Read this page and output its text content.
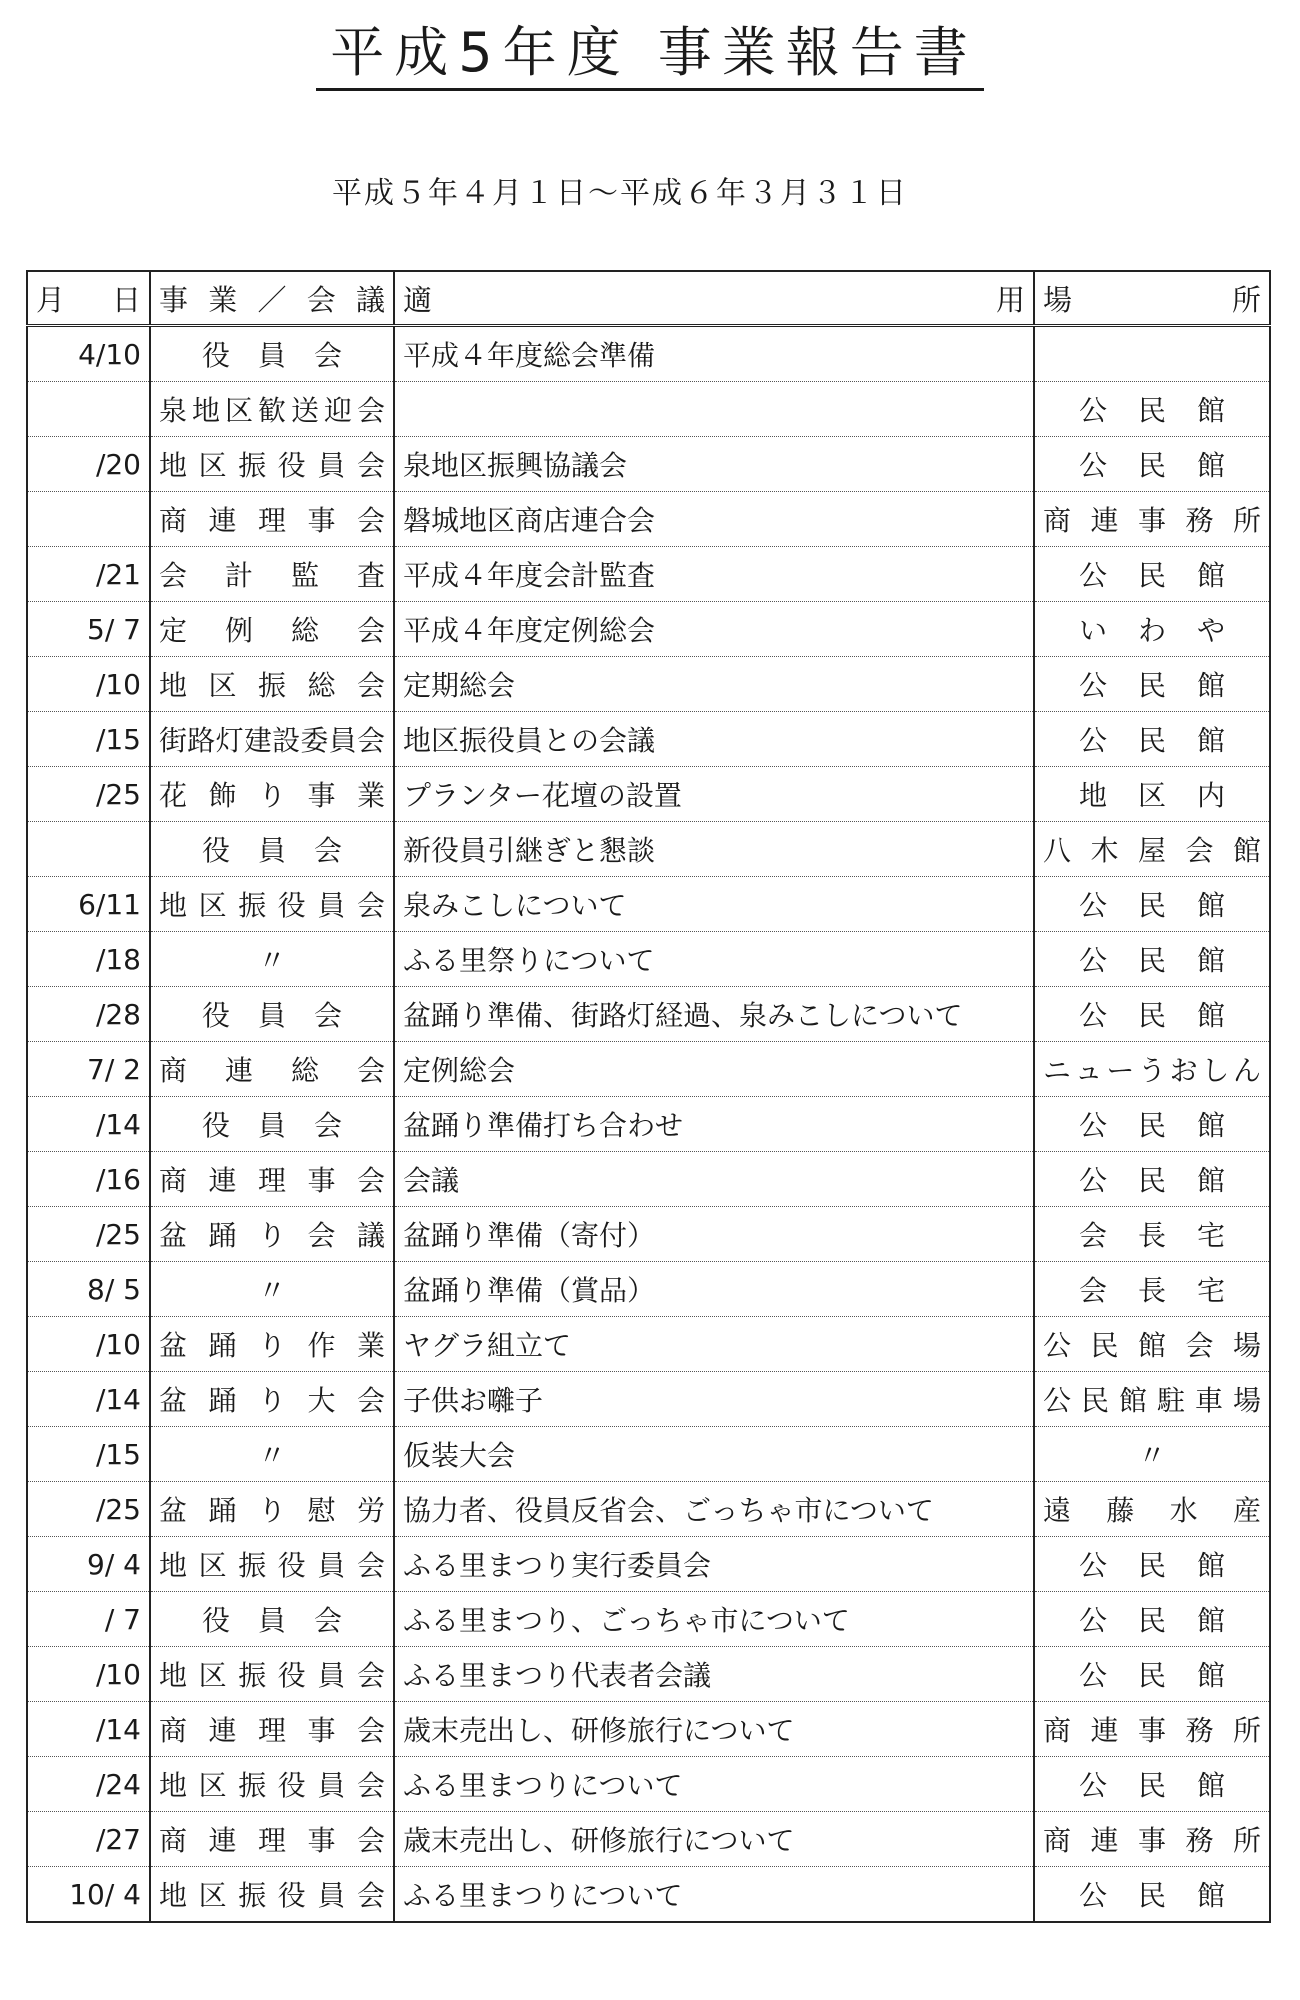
平成5年度 事業報告書
平成５年４月１日〜平成６年３月３１日
月　日	事業／会議	適　用	場　所
4/10	役　員　会	平成４年度総会準備	
	泉地区歓送迎会		公民館
/20	地区振役員会	泉地区振興協議会	公民館
	商連理事会	磐城地区商店連合会	商連事務所
/21	会計監査	平成４年度会計監査	公民館
5/ 7	定例総会	平成４年度定例総会	いわや
/10	地区振総会	定期総会	公民館
/15	街路灯建設委員会	地区振役員との会議	公民館
/25	花飾り事業	プランター花壇の設置	地区内
	役　員　会	新役員引継ぎと懇談	八木屋会館
6/11	地区振役員会	泉みこしについて	公民館
/18	〃	ふる里祭りについて	公民館
/28	役　員　会	盆踊り準備、街路灯経過、泉みこしについて	公民館
7/ 2	商連総会	定例総会	ニューうおしん
/14	役　員　会	盆踊り準備打ち合わせ	公民館
/16	商連理事会	会議	公民館
/25	盆踊り会議	盆踊り準備（寄付）	会長宅
8/ 5	〃	盆踊り準備（賞品）	会長宅
/10	盆踊り作業	ヤグラ組立て	公民館会場
/14	盆踊り大会	子供お囃子	公民館駐車場
/15	〃	仮装大会	〃
/25	盆踊り慰労	協力者、役員反省会、ごっちゃ市について	遠藤水産
9/ 4	地区振役員会	ふる里まつり実行委員会	公民館
/ 7	役　員　会	ふる里まつり、ごっちゃ市について	公民館
/10	地区振役員会	ふる里まつり代表者会議	公民館
/14	商連理事会	歳末売出し、研修旅行について	商連事務所
/24	地区振役員会	ふる里まつりについて	公民館
/27	商連理事会	歳末売出し、研修旅行について	商連事務所
10/ 4	地区振役員会	ふる里まつりについて	公民館
